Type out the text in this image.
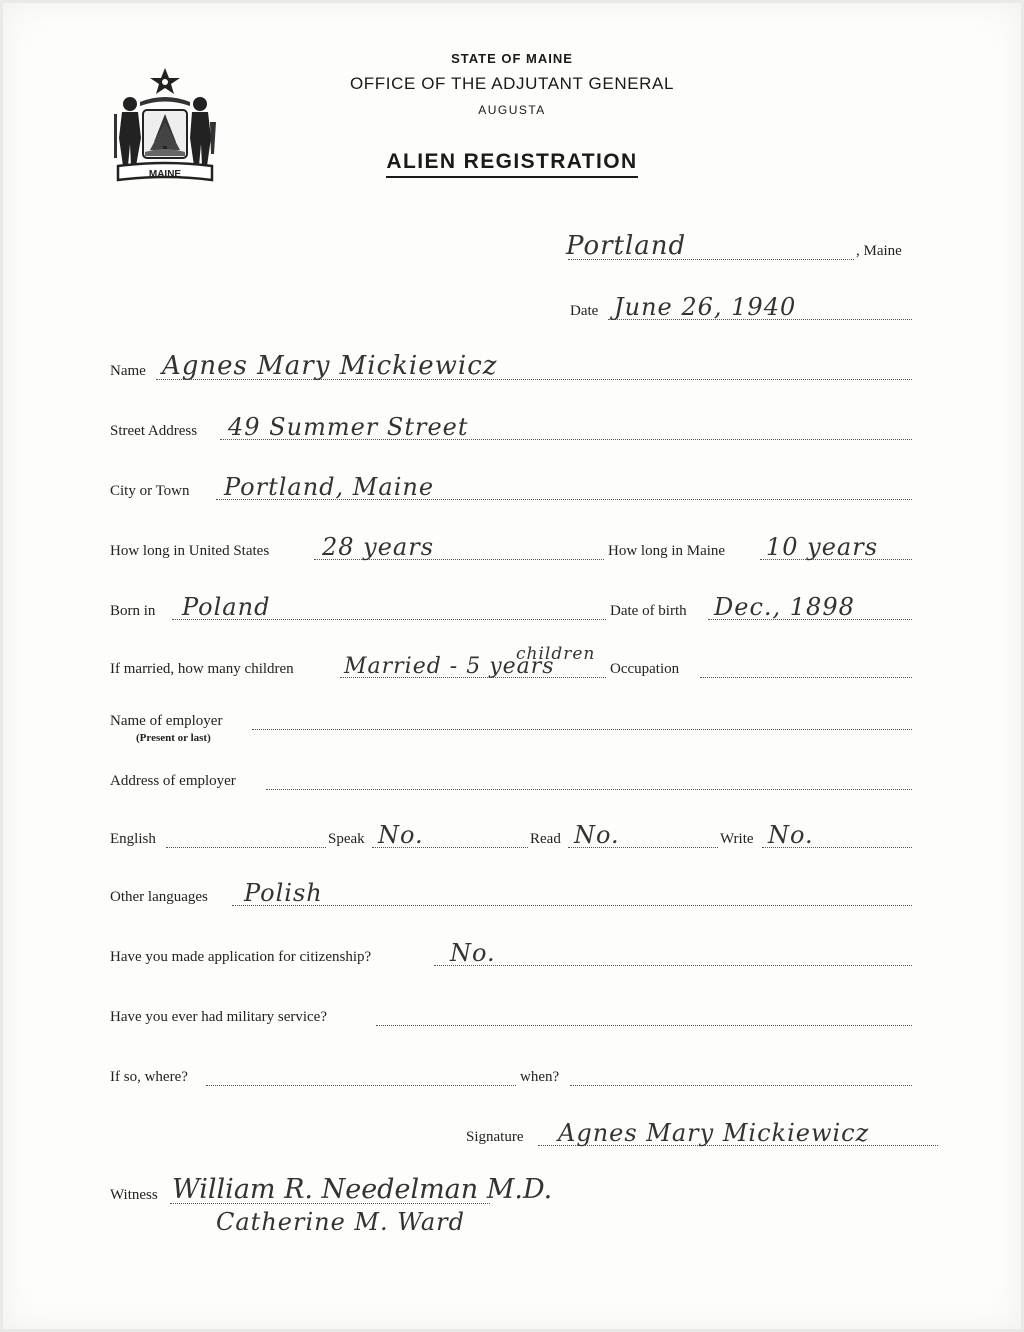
MAINE
STATE OF MAINE
OFFICE OF THE ADJUTANT GENERAL
AUGUSTA
ALIEN REGISTRATION
Portland	, Maine
Date June 26, 1940
Name Agnes Mary Mickiewicz
Street Address 49 Summer Street
City or Town Portland, Maine
How long in United States 28 years	How long in Maine 10 years
Born in Poland	Date of birth Dec., 1898
If married, how many children Married - 5 years
children
Occupation
Name of employer
(Present or last)
Address of employer
English	Speak No.	Read No.	Write No.
Other languages Polish
Have you made application for citizenship?	No.
Have you ever had military service?
If so, where?	when?
Signature Agnes Mary Mickiewicz
Witness William R. Needelman M.D.
Catherine M. Ward
